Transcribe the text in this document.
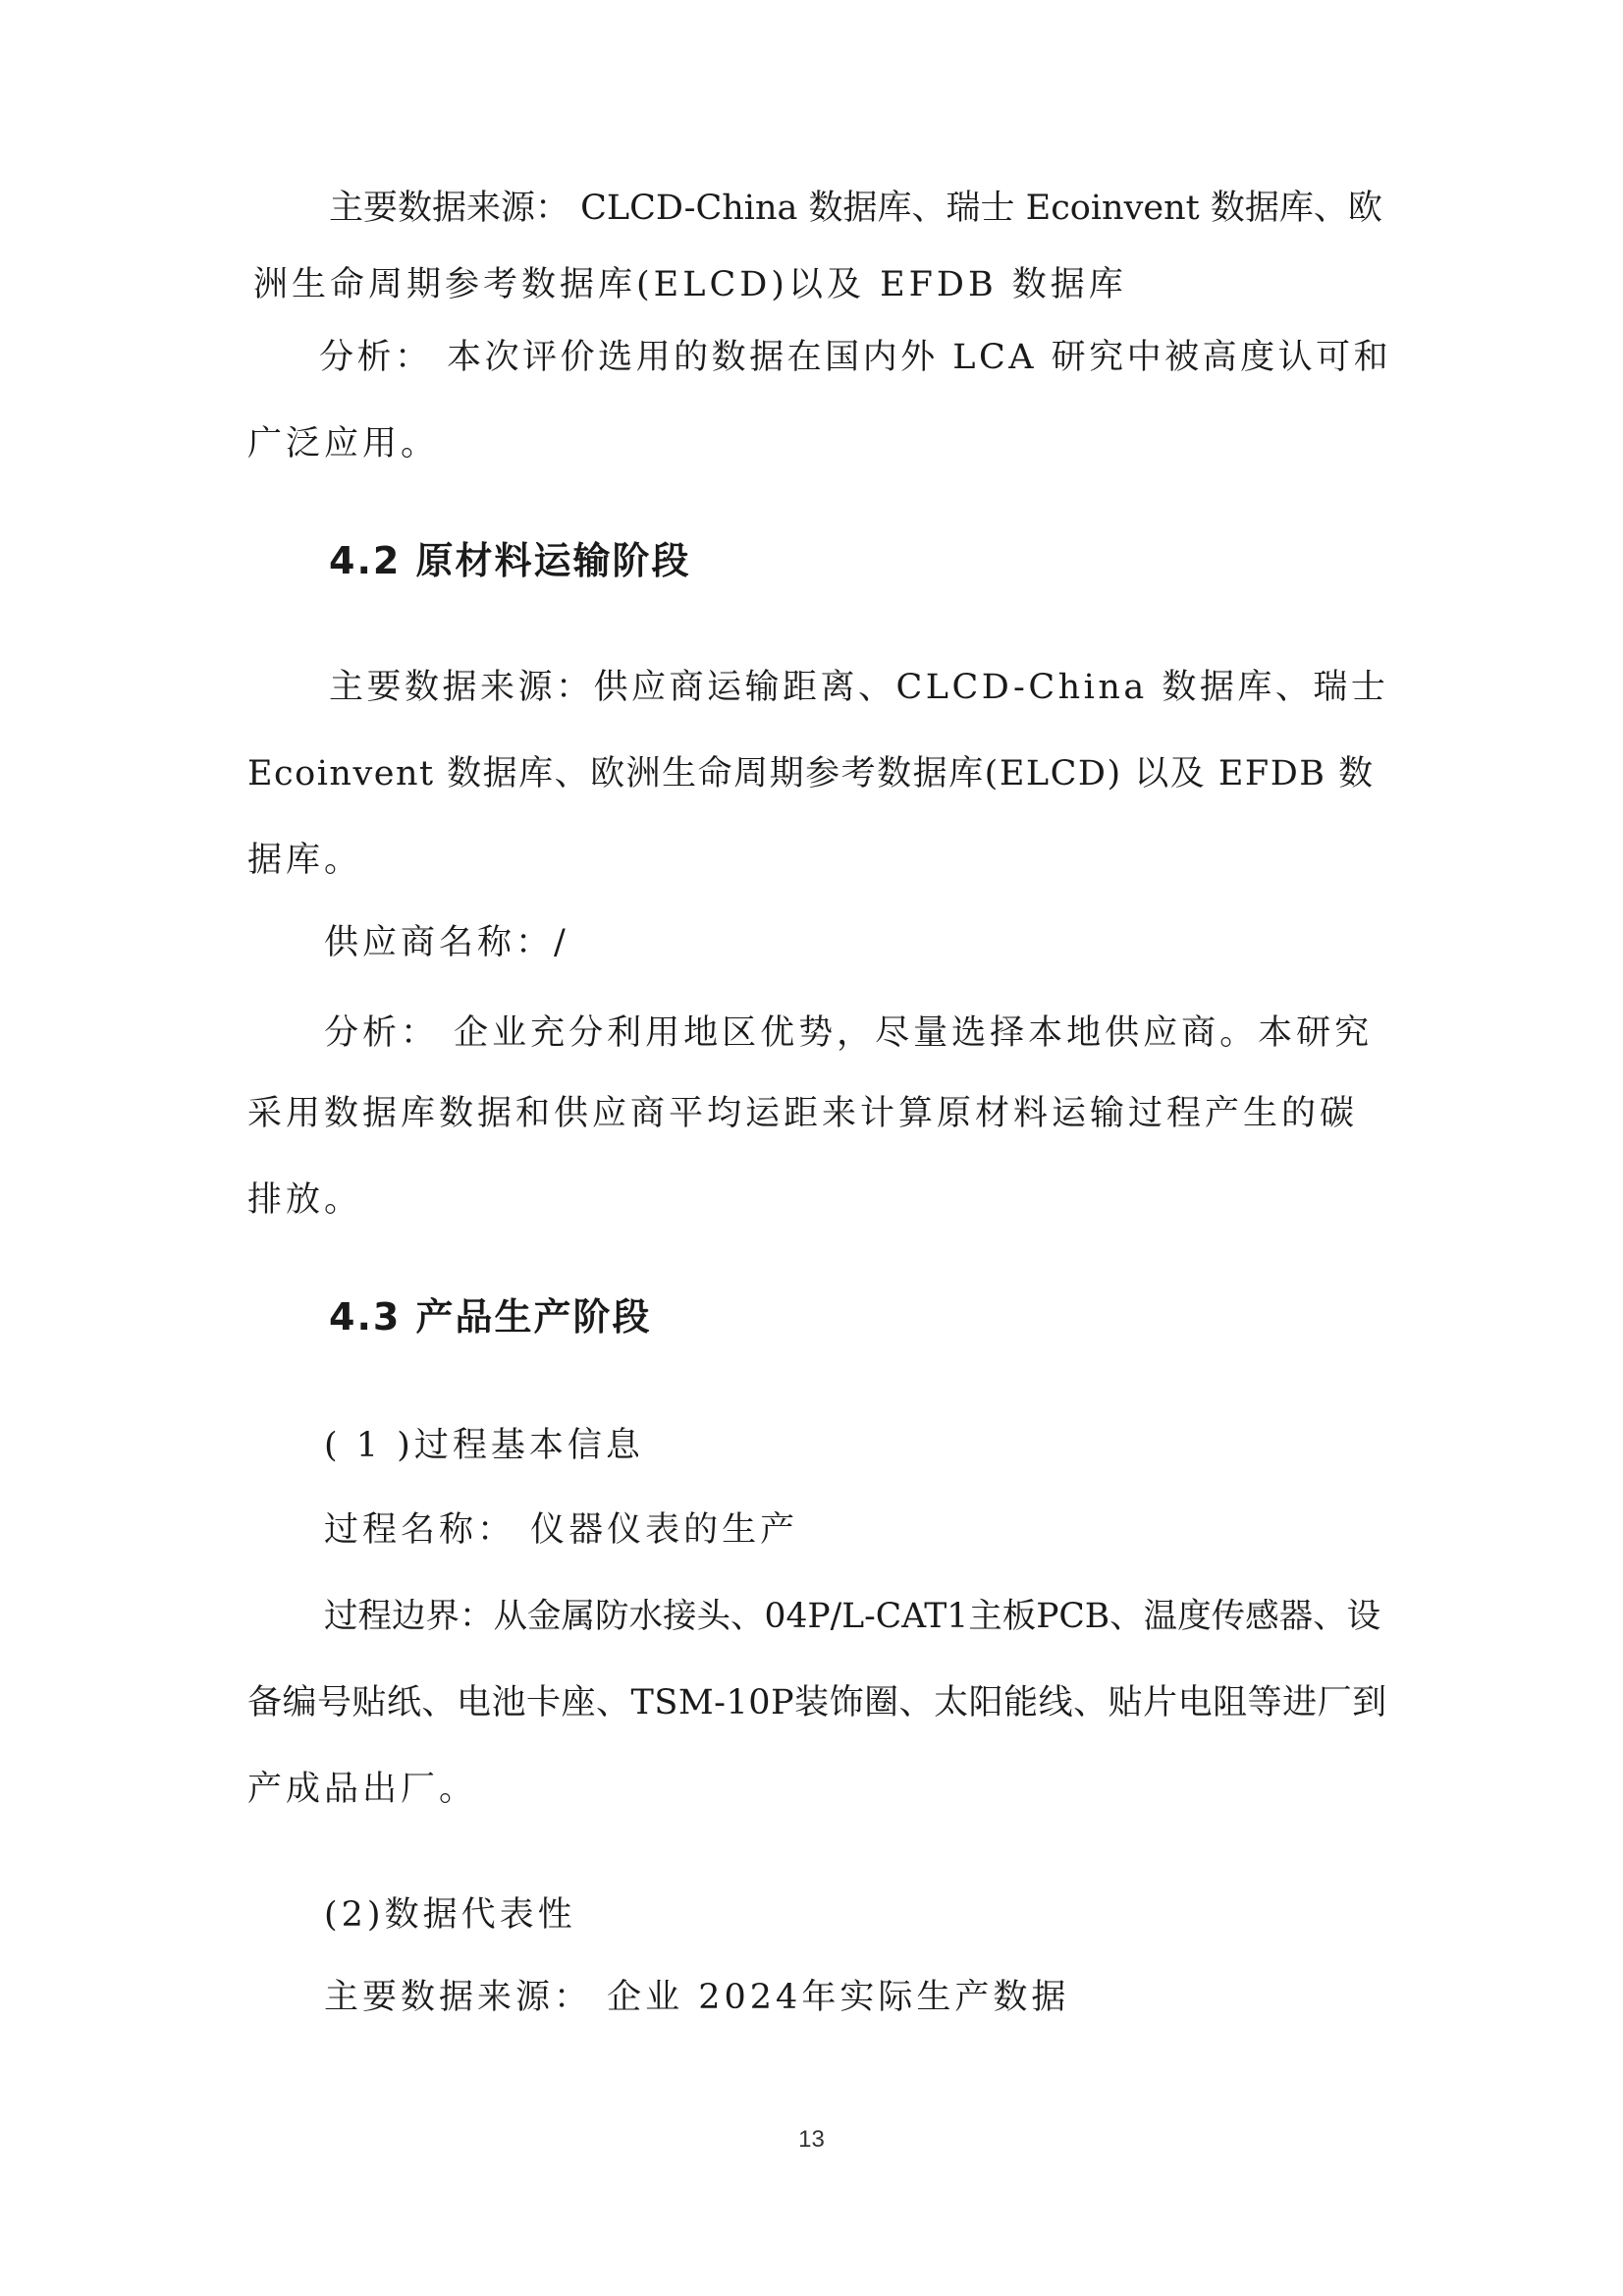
主要数据来源： CLCD-China 数据库、瑞士 Ecoinvent 数据库、欧
洲生命周期参考数据库(ELCD)以及 EFDB 数据库
分析： 本次评价选用的数据在国内外 LCA 研究中被高度认可和
广泛应用。
4.2 原材料运输阶段
主要数据来源：供应商运输距离、CLCD-China 数据库、瑞士
Ecoinvent 数据库、欧洲生命周期参考数据库(ELCD) 以及 EFDB 数
据库。
供应商名称：/
分析： 企业充分利用地区优势，尽量选择本地供应商。本研究
采用数据库数据和供应商平均运距来计算原材料运输过程产生的碳
排放。
4.3 产品生产阶段
( 1 )过程基本信息
过程名称： 仪器仪表的生产
过程边界：从金属防水接头、04P/L-CAT1主板PCB、温度传感器、设
备编号贴纸、电池卡座、TSM-10P装饰圈、太阳能线、贴片电阻等进厂到
产成品出厂。
(2)数据代表性
主要数据来源： 企业 2024年实际生产数据
13
